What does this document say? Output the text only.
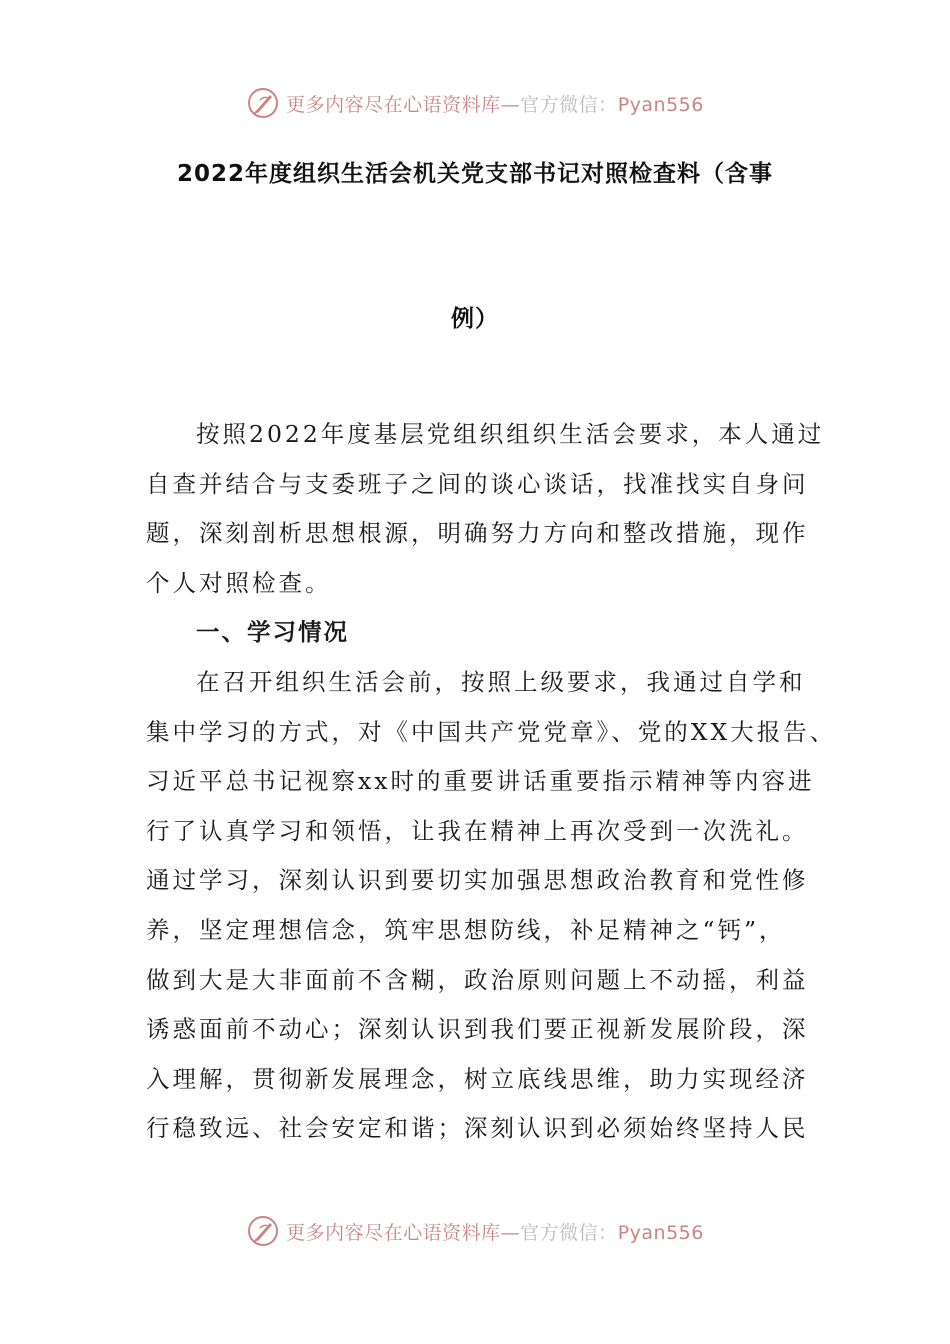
更多内容尽在心语资料库—官方微信：Pyan556
2022年度组织生活会机关党支部书记对照检查料（含事
例）
按照2022年度基层党组织组织生活会要求，本人通过
自查并结合与支委班子之间的谈心谈话，找准找实自身问
题，深刻剖析思想根源，明确努力方向和整改措施，现作
个人对照检查。
一、学习情况
在召开组织生活会前，按照上级要求，我通过自学和
集中学习的方式，对《中国共产党党章》、党的XX大报告、
习近平总书记视察xx时的重要讲话重要指示精神等内容进
行了认真学习和领悟，让我在精神上再次受到一次洗礼。
通过学习，深刻认识到要切实加强思想政治教育和党性修
养，坚定理想信念，筑牢思想防线，补足精神之“钙”，
做到大是大非面前不含糊，政治原则问题上不动摇，利益
诱惑面前不动心；深刻认识到我们要正视新发展阶段，深
入理解，贯彻新发展理念，树立底线思维，助力实现经济
行稳致远、社会安定和谐；深刻认识到必须始终坚持人民
更多内容尽在心语资料库—官方微信：Pyan556
